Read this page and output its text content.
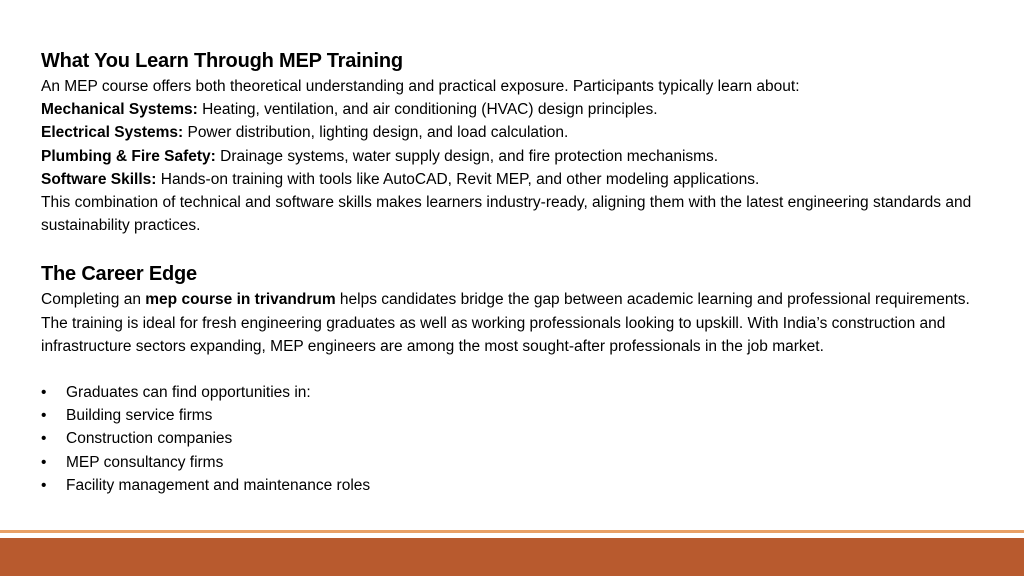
What You Learn Through MEP Training

An MEP course offers both theoretical understanding and practical exposure. Participants typically learn about:

Mechanical Systems: Heating, ventilation, and air conditioning (HVAC) design principles.

Electrical Systems: Power distribution, lighting design, and load calculation.

Plumbing & Fire Safety: Drainage systems, water supply design, and fire protection mechanisms.

Software Skills: Hands-on training with tools like AutoCAD, Revit MEP, and other modeling applications.

This combination of technical and software skills makes learners industry-ready, aligning them with the latest engineering standards and sustainability practices.

The Career Edge

Completing an mep course in trivandrum helps candidates bridge the gap between academic learning and professional requirements. The training is ideal for fresh engineering graduates as well as working professionals looking to upskill. With India’s construction and infrastructure sectors expanding, MEP engineers are among the most sought-after professionals in the job market.

• Graduates can find opportunities in:
• Building service firms
• Construction companies
• MEP consultancy firms
• Facility management and maintenance roles
